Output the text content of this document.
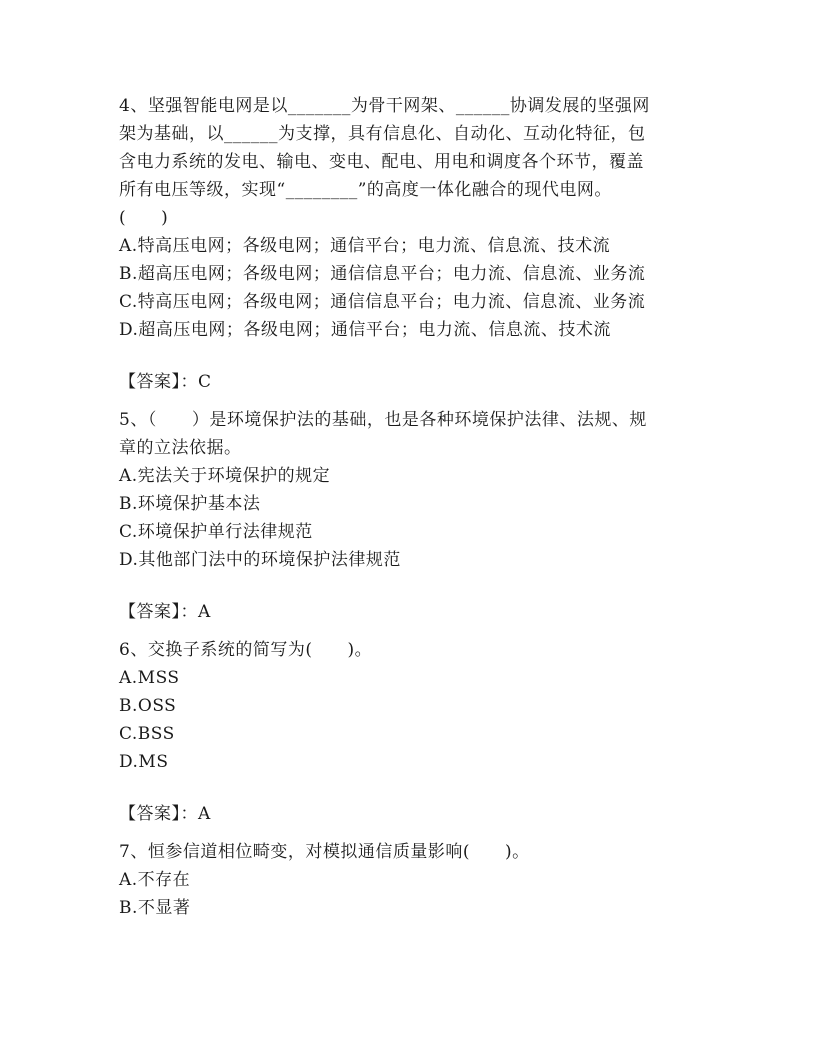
4、坚强智能电网是以_______为骨干网架、______协调发展的坚强网
架为基础，以______为支撑，具有信息化、自动化、互动化特征，包
含电力系统的发电、输电、变电、配电、用电和调度各个环节，覆盖
所有电压等级，实现“________”的高度一体化融合的现代电网。
(　　)
A.特高压电网；各级电网；通信平台；电力流、信息流、技术流
B.超高压电网；各级电网；通信信息平台；电力流、信息流、业务流
C.特高压电网；各级电网；通信信息平台；电力流、信息流、业务流
D.超高压电网；各级电网；通信平台；电力流、信息流、技术流
【答案】：C
5、（　　）是环境保护法的基础，也是各种环境保护法律、法规、规
章的立法依据。
A.宪法关于环境保护的规定
B.环境保护基本法
C.环境保护单行法律规范
D.其他部门法中的环境保护法律规范
【答案】：A
6、交换子系统的简写为(　　)。
A.MSS
B.OSS
C.BSS
D.MS
【答案】：A
7、恒参信道相位畸变，对模拟通信质量影响(　　)。
A.不存在
B.不显著
